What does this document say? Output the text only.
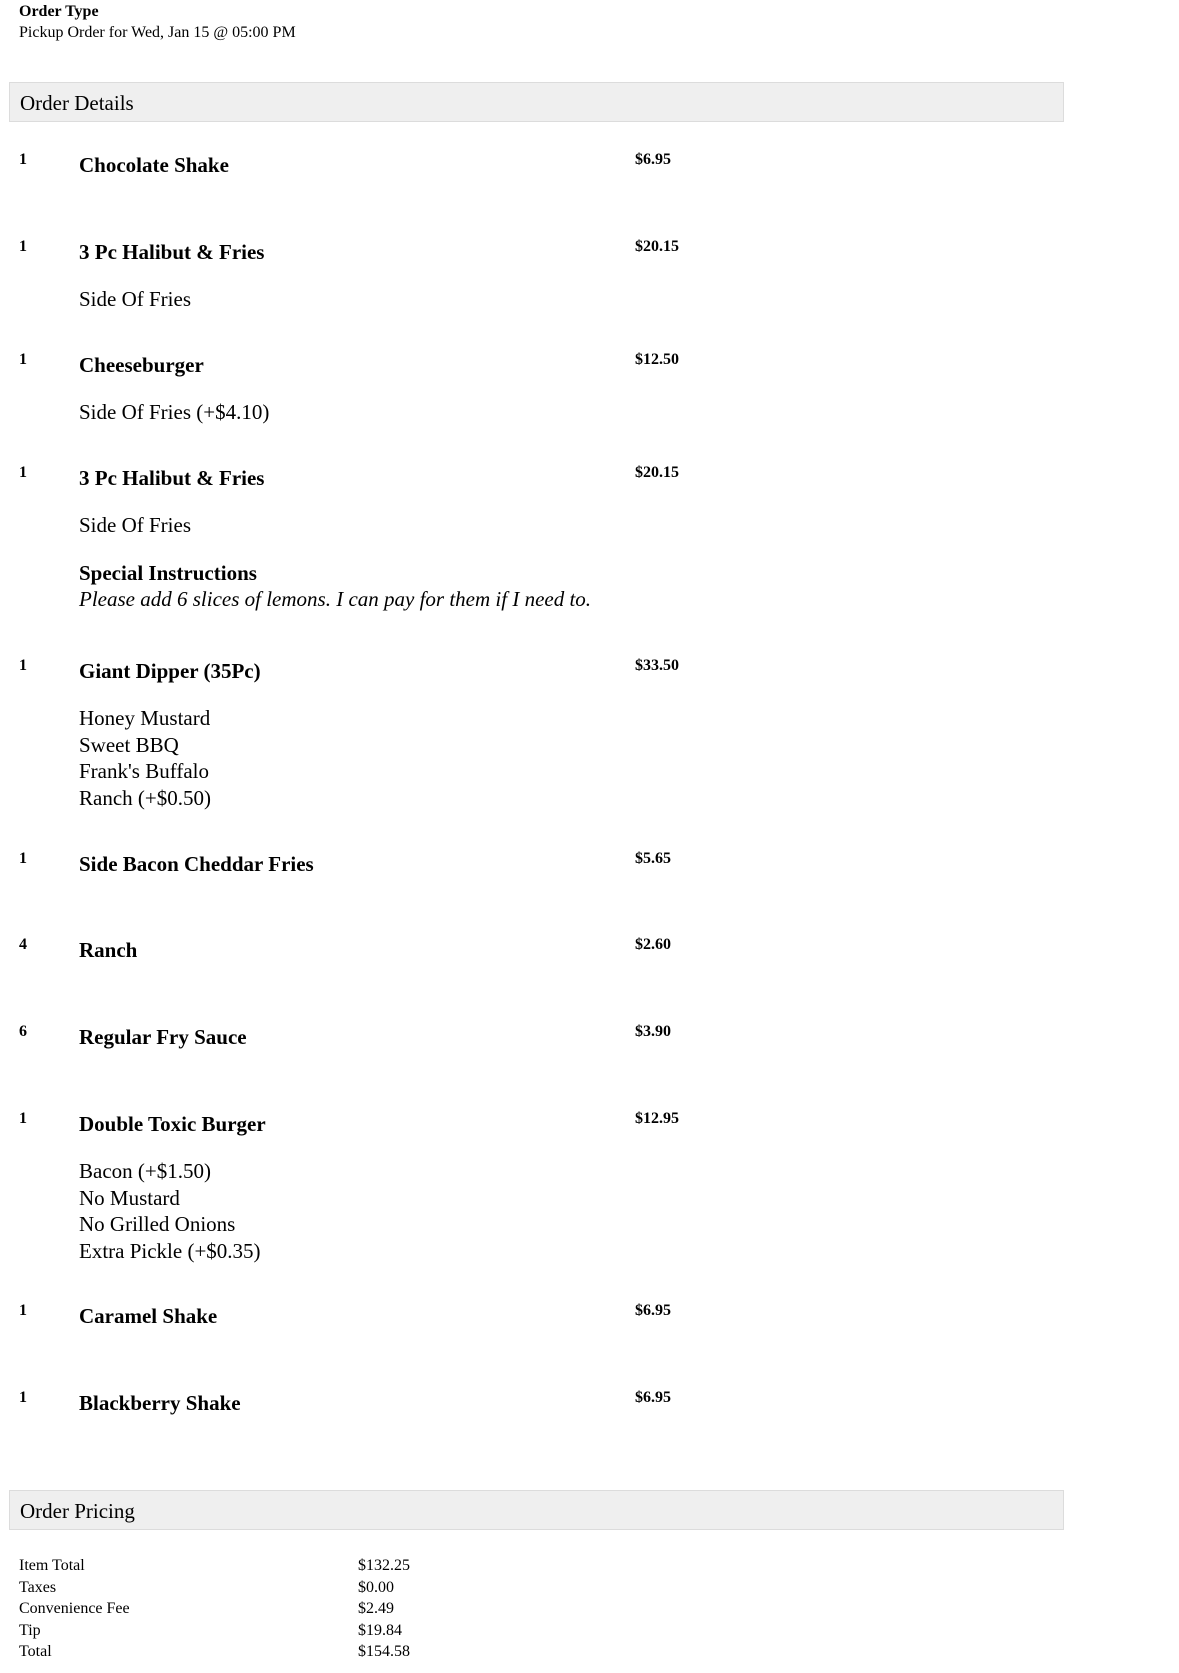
Order Type
Pickup Order for Wed, Jan 15 @ 05:00 PM
Order Details
1 Chocolate Shake	$6.95
1 3 Pc Halibut & Fries	$20.15
Side Of Fries
1 Cheeseburger	$12.50
Side Of Fries (+$4.10)
1 3 Pc Halibut & Fries	$20.15
Side Of Fries
Special Instructions
Please add 6 slices of lemons. I can pay for them if I need to.
1 Giant Dipper (35Pc)	$33.50
Honey Mustard
Sweet BBQ
Frank's Buffalo
Ranch (+$0.50)
1 Side Bacon Cheddar Fries	$5.65
4 Ranch	$2.60
6 Regular Fry Sauce	$3.90
1 Double Toxic Burger	$12.95
Bacon (+$1.50)
No Mustard
No Grilled Onions
Extra Pickle (+$0.35)
1 Caramel Shake	$6.95
1 Blackberry Shake	$6.95
Order Pricing
Item Total	$132.25
Taxes	$0.00
Convenience Fee	$2.49
Tip	$19.84
Total	$154.58
